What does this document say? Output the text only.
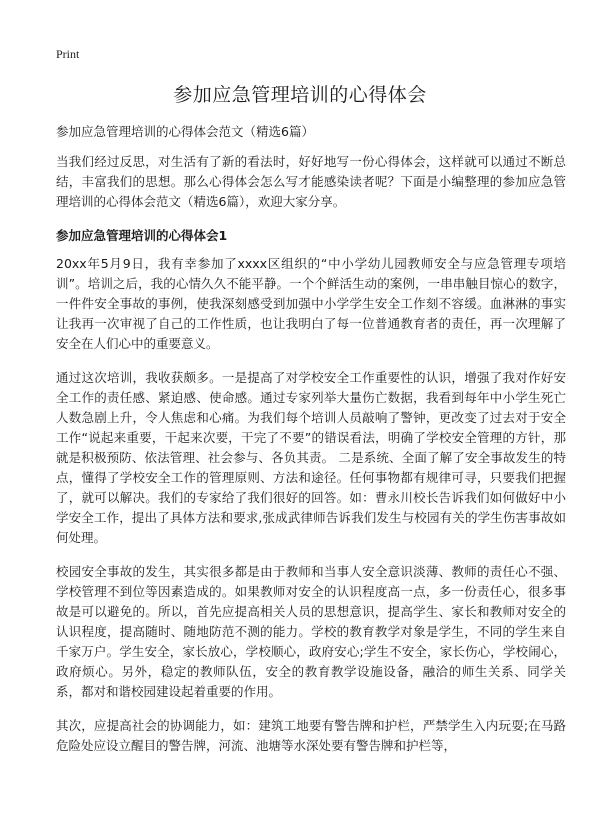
Print
参加应急管理培训的心得体会

参加应急管理培训的心得体会范文（精选6篇）

当我们经过反思，对生活有了新的看法时，好好地写一份心得体会，这样就可以通过不断总结，丰富我们的思想。那么心得体会怎么写才能感染读者呢？下面是小编整理的参加应急管理培训的心得体会范文（精选6篇），欢迎大家分享。

参加应急管理培训的心得体会1

20xx年5月9日，我有幸参加了xxxx区组织的“中小学幼儿园教师安全与应急管理专项培训”。培训之后，我的心情久久不能平静。一个个鲜活生动的案例，一串串触目惊心的数字，一件件安全事故的事例，使我深刻感受到加强中小学学生安全工作刻不容缓。血淋淋的事实让我再一次审视了自己的工作性质，也让我明白了每一位普通教育者的责任，再一次理解了安全在人们心中的重要意义。

通过这次培训，我收获颇多。一是提高了对学校安全工作重要性的认识，增强了我对作好安全工作的责任感、紧迫感、使命感。通过专家列举大量伤亡数据，我看到每年中小学生死亡人数急剧上升，令人焦虑和心痛。为我们每个培训人员敲响了警钟，更改变了过去对于安全工作“说起来重要，干起来次要，干完了不要”的错误看法，明确了学校安全管理的方针，那就是积极预防、依法管理、社会参与、各负其责。 二是系统、全面了解了安全事故发生的特点，懂得了学校安全工作的管理原则、方法和途径。任何事物都有规律可寻，只要我们把握了，就可以解决。我们的专家给了我们很好的回答。如：曹永川校长告诉我们如何做好中小学安全工作，提出了具体方法和要求,张成武律师告诉我们发生与校园有关的学生伤害事故如何处理。

校园安全事故的发生，其实很多都是由于教师和当事人安全意识淡薄、教师的责任心不强、学校管理不到位等因素造成的。如果教师对安全的认识程度高一点，多一份责任心，很多事故是可以避免的。所以，首先应提高相关人员的思想意识，提高学生、家长和教师对安全的认识程度，提高随时、随地防范不测的能力。学校的教育教学对象是学生，不同的学生来自千家万户。学生安全，家长放心，学校顺心，政府安心;学生不安全，家长伤心，学校闹心，政府烦心。另外，稳定的教师队伍，安全的教育教学设施设备，融洽的师生关系、同学关系，都对和谐校园建设起着重要的作用。

其次，应提高社会的协调能力，如：建筑工地要有警告牌和护栏，严禁学生入内玩耍;在马路危险处应设立醒目的警告牌，河流、池塘等水深处要有警告牌和护栏等，
